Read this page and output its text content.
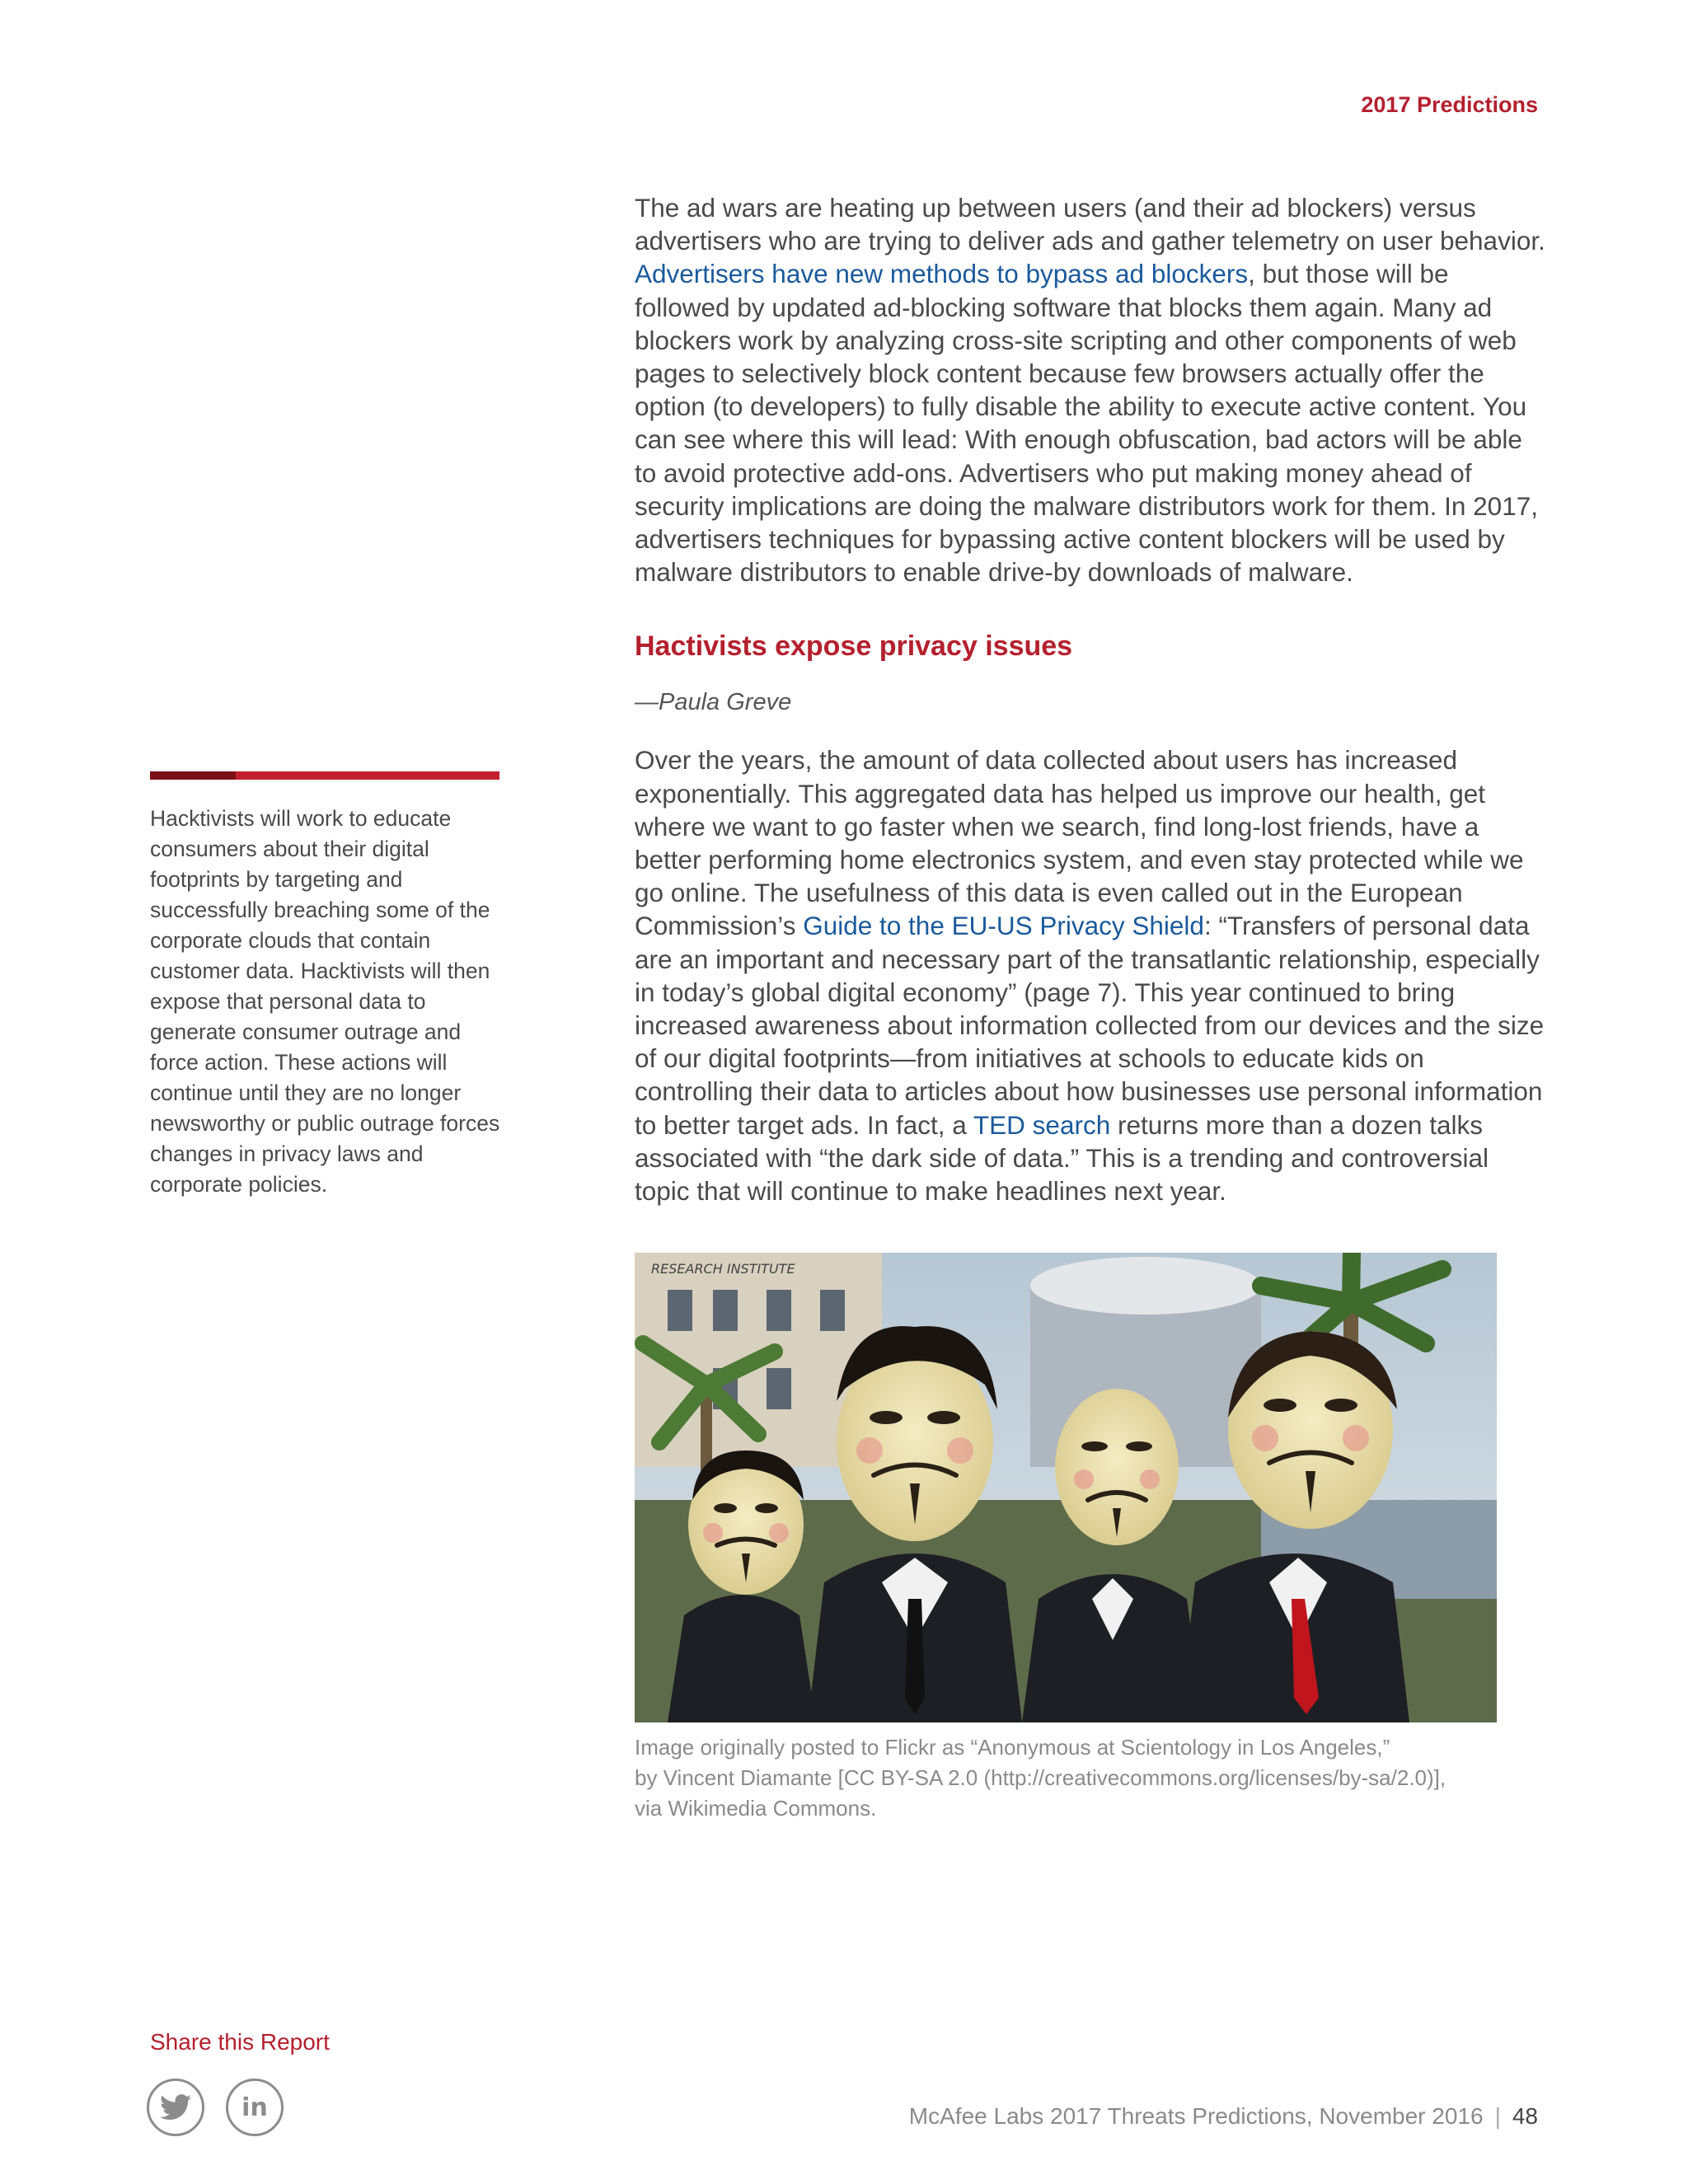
2017 Predictions

The ad wars are heating up between users (and their ad blockers) versus advertisers who are trying to deliver ads and gather telemetry on user behavior. Advertisers have new methods to bypass ad blockers, but those will be followed by updated ad-blocking software that blocks them again. Many ad blockers work by analyzing cross-site scripting and other components of web pages to selectively block content because few browsers actually offer the option (to developers) to fully disable the ability to execute active content. You can see where this will lead: With enough obfuscation, bad actors will be able to avoid protective add-ons. Advertisers who put making money ahead of security implications are doing the malware distributors work for them. In 2017, advertisers techniques for bypassing active content blockers will be used by malware distributors to enable drive-by downloads of malware.

Hactivists expose privacy issues

—Paula Greve

Over the years, the amount of data collected about users has increased exponentially. This aggregated data has helped us improve our health, get where we want to go faster when we search, find long-lost friends, have a better performing home electronics system, and even stay protected while we go online. The usefulness of this data is even called out in the European Commission’s Guide to the EU-US Privacy Shield: “Transfers of personal data are an important and necessary part of the transatlantic relationship, especially in today’s global digital economy” (page 7). This year continued to bring increased awareness about information collected from our devices and the size of our digital footprints—from initiatives at schools to educate kids on controlling their data to articles about how businesses use personal information to better target ads. In fact, a TED search returns more than a dozen talks associated with “the dark side of data.” This is a trending and controversial topic that will continue to make headlines next year.

RESEARCH INSTITUTE
Image originally posted to Flickr as “Anonymous at Scientology in Los Angeles,”
by Vincent Diamante [CC BY-SA 2.0 (http://creativecommons.org/licenses/by-sa/2.0)],
via Wikimedia Commons.
Hacktivists will work to educate consumers about their digital footprints by targeting and successfully breaching some of the corporate clouds that contain customer data. Hacktivists will then expose that personal data to generate consumer outrage and force action. These actions will continue until they are no longer newsworthy or public outrage forces changes in privacy laws and corporate policies.
Share this Report
in	McAfee Labs 2017 Threats Predictions, November 2016 | 48
